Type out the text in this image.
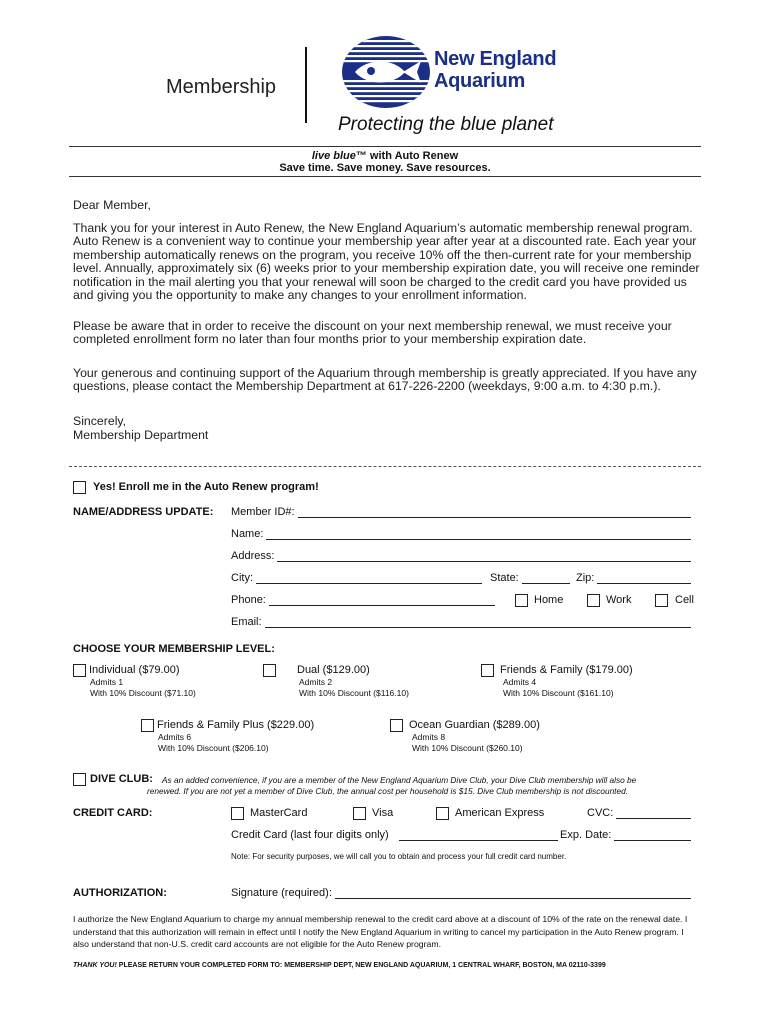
Membership
New England
Aquarium
Protecting the blue planet
live blue™ with Auto Renew
Save time. Save money. Save resources.
Dear Member,
Thank you for your interest in Auto Renew, the New England Aquarium’s automatic membership renewal program. Auto Renew is a convenient way to continue your membership year after year at a discounted rate. Each year your membership automatically renews on the program, you receive 10% off the then-current rate for your membership level. Annually, approximately six (6) weeks prior to your membership expiration date, you will receive one reminder notification in the mail alerting you that your renewal will soon be charged to the credit card you have provided us and giving you the opportunity to make any changes to your enrollment information.
Please be aware that in order to receive the discount on your next membership renewal, we must receive your completed enrollment form no later than four months prior to your membership expiration date.
Your generous and continuing support of the Aquarium through membership is greatly appreciated. If you have any questions, please contact the Membership Department at 617-226-2200 (weekdays, 9:00 a.m. to 4:30 p.m.).
Sincerely,
Membership Department
Yes! Enroll me in the Auto Renew program!
NAME/ADDRESS UPDATE: Member ID#:
Name:
Address:
City:	State:	Zip:
Phone:	Home	Work	Cell
Email:
CHOOSE YOUR MEMBERSHIP LEVEL:
Individual ($79.00)
Admits 1
With 10% Discount ($71.10)
Dual ($129.00)
Admits 2
With 10% Discount ($116.10)
Friends & Family ($179.00)
Admits 4
With 10% Discount ($161.10)
Friends & Family Plus ($229.00)
Admits 6
With 10% Discount ($206.10)
Ocean Guardian ($289.00)
Admits 8
With 10% Discount ($260.10)
DIVE CLUB: As an added convenience, if you are a member of the New England Aquarium Dive Club, your Dive Club membership will also be
renewed. If you are not yet a member of Dive Club, the annual cost per household is $15. Dive Club membership is not discounted.
CREDIT CARD:	MasterCard	Visa	American Express	CVC:
Credit Card (last four digits only)	Exp. Date:
Note: For security purposes, we will call you to obtain and process your full credit card number.
AUTHORIZATION:	Signature (required):
I authorize the New England Aquarium to charge my annual membership renewal to the credit card above at a discount of 10% of the rate on the renewal date. I understand that this authorization will remain in effect until I notify the New England Aquarium in writing to cancel my participation in the Auto Renew program. I also understand that non-U.S. credit card accounts are not eligible for the Auto Renew program.
THANK YOU! PLEASE RETURN YOUR COMPLETED FORM TO: MEMBERSHIP DEPT, NEW ENGLAND AQUARIUM, 1 CENTRAL WHARF, BOSTON, MA 02110-3399
